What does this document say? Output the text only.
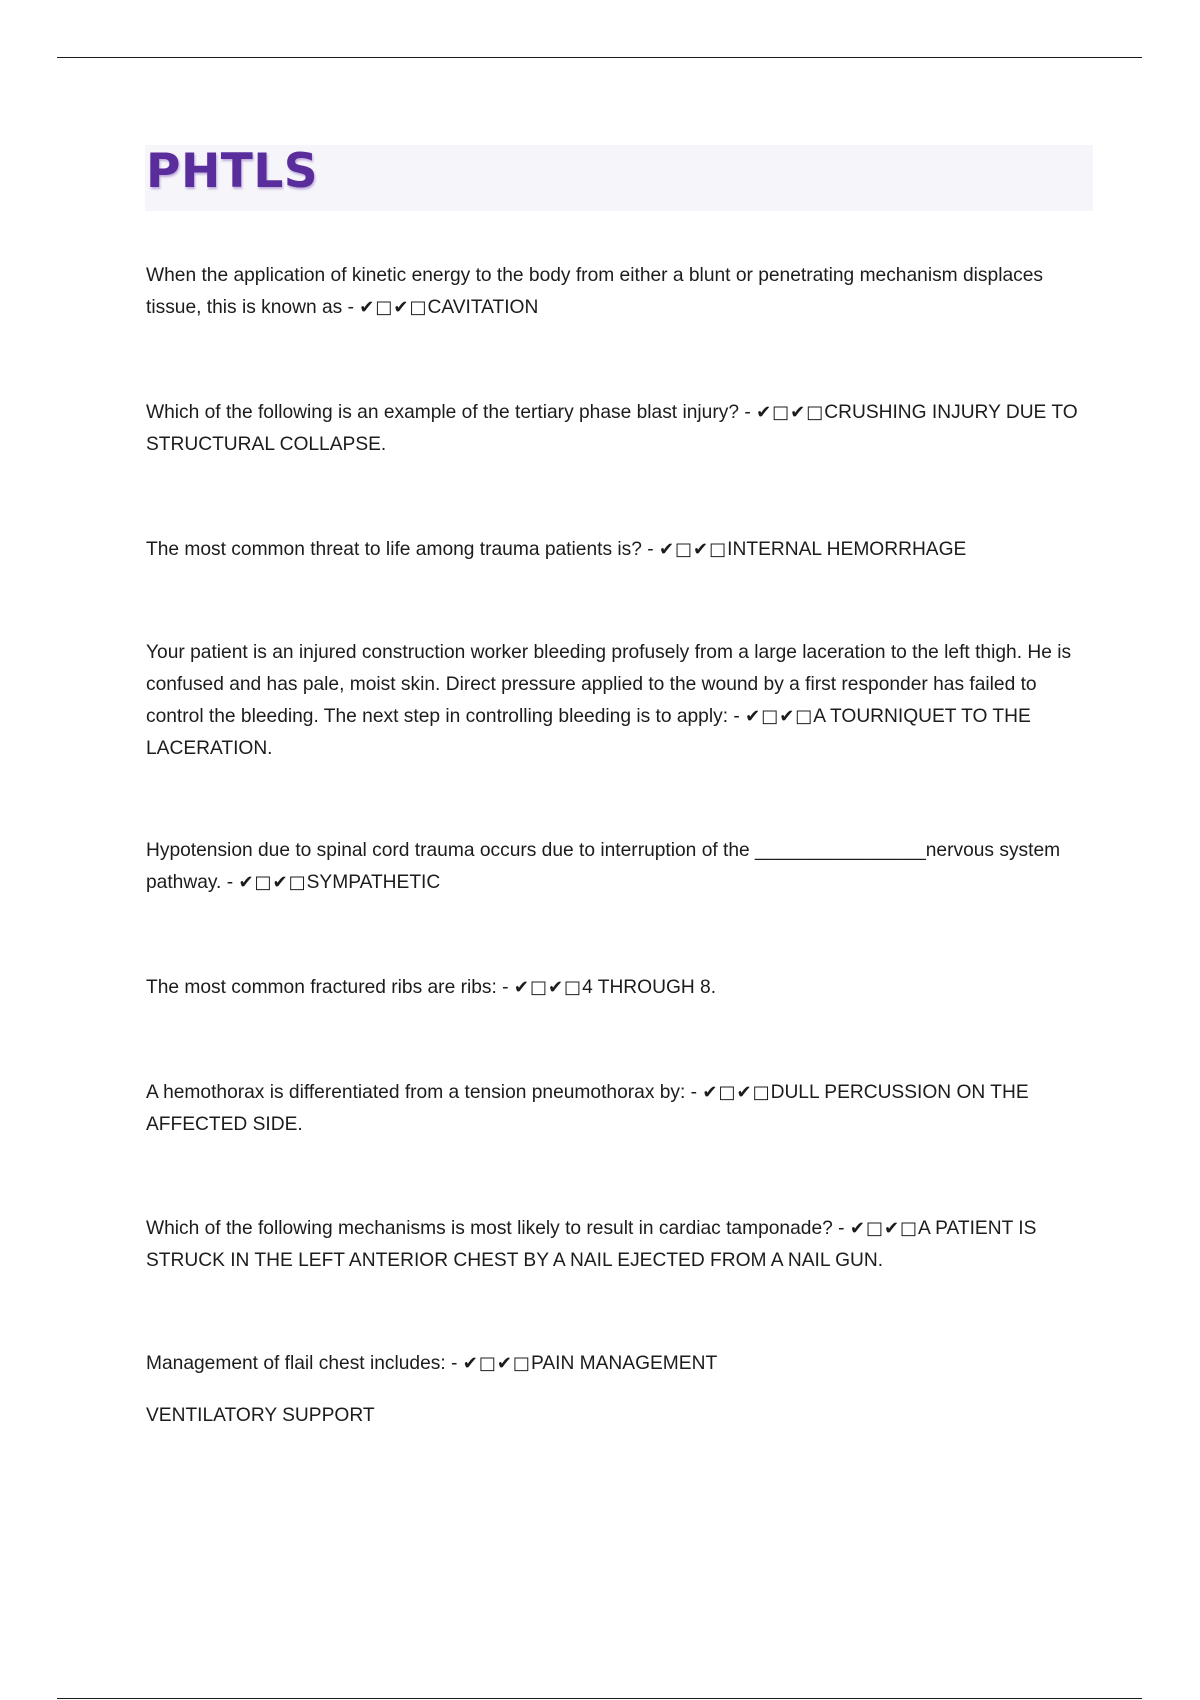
PHTLS
When the application of kinetic energy to the body from either a blunt or penetrating mechanism displaces tissue, this is known as - ✔□✔□CAVITATION
Which of the following is an example of the tertiary phase blast injury? - ✔□✔□CRUSHING INJURY DUE TO STRUCTURAL COLLAPSE.
The most common threat to life among trauma patients is? - ✔□✔□INTERNAL HEMORRHAGE
Your patient is an injured construction worker bleeding profusely from a large laceration to the left thigh. He is confused and has pale, moist skin. Direct pressure applied to the wound by a first responder has failed to control the bleeding. The next step in controlling bleeding is to apply: - ✔□✔□A TOURNIQUET TO THE LACERATION.
Hypotension due to spinal cord trauma occurs due to interruption of the ________________nervous system pathway. - ✔□✔□SYMPATHETIC
The most common fractured ribs are ribs: - ✔□✔□4 THROUGH 8.
A hemothorax is differentiated from a tension pneumothorax by: - ✔□✔□DULL PERCUSSION ON THE AFFECTED SIDE.
Which of the following mechanisms is most likely to result in cardiac tamponade? - ✔□✔□A PATIENT IS STRUCK IN THE LEFT ANTERIOR CHEST BY A NAIL EJECTED FROM A NAIL GUN.
Management of flail chest includes: - ✔□✔□PAIN MANAGEMENT
VENTILATORY SUPPORT
